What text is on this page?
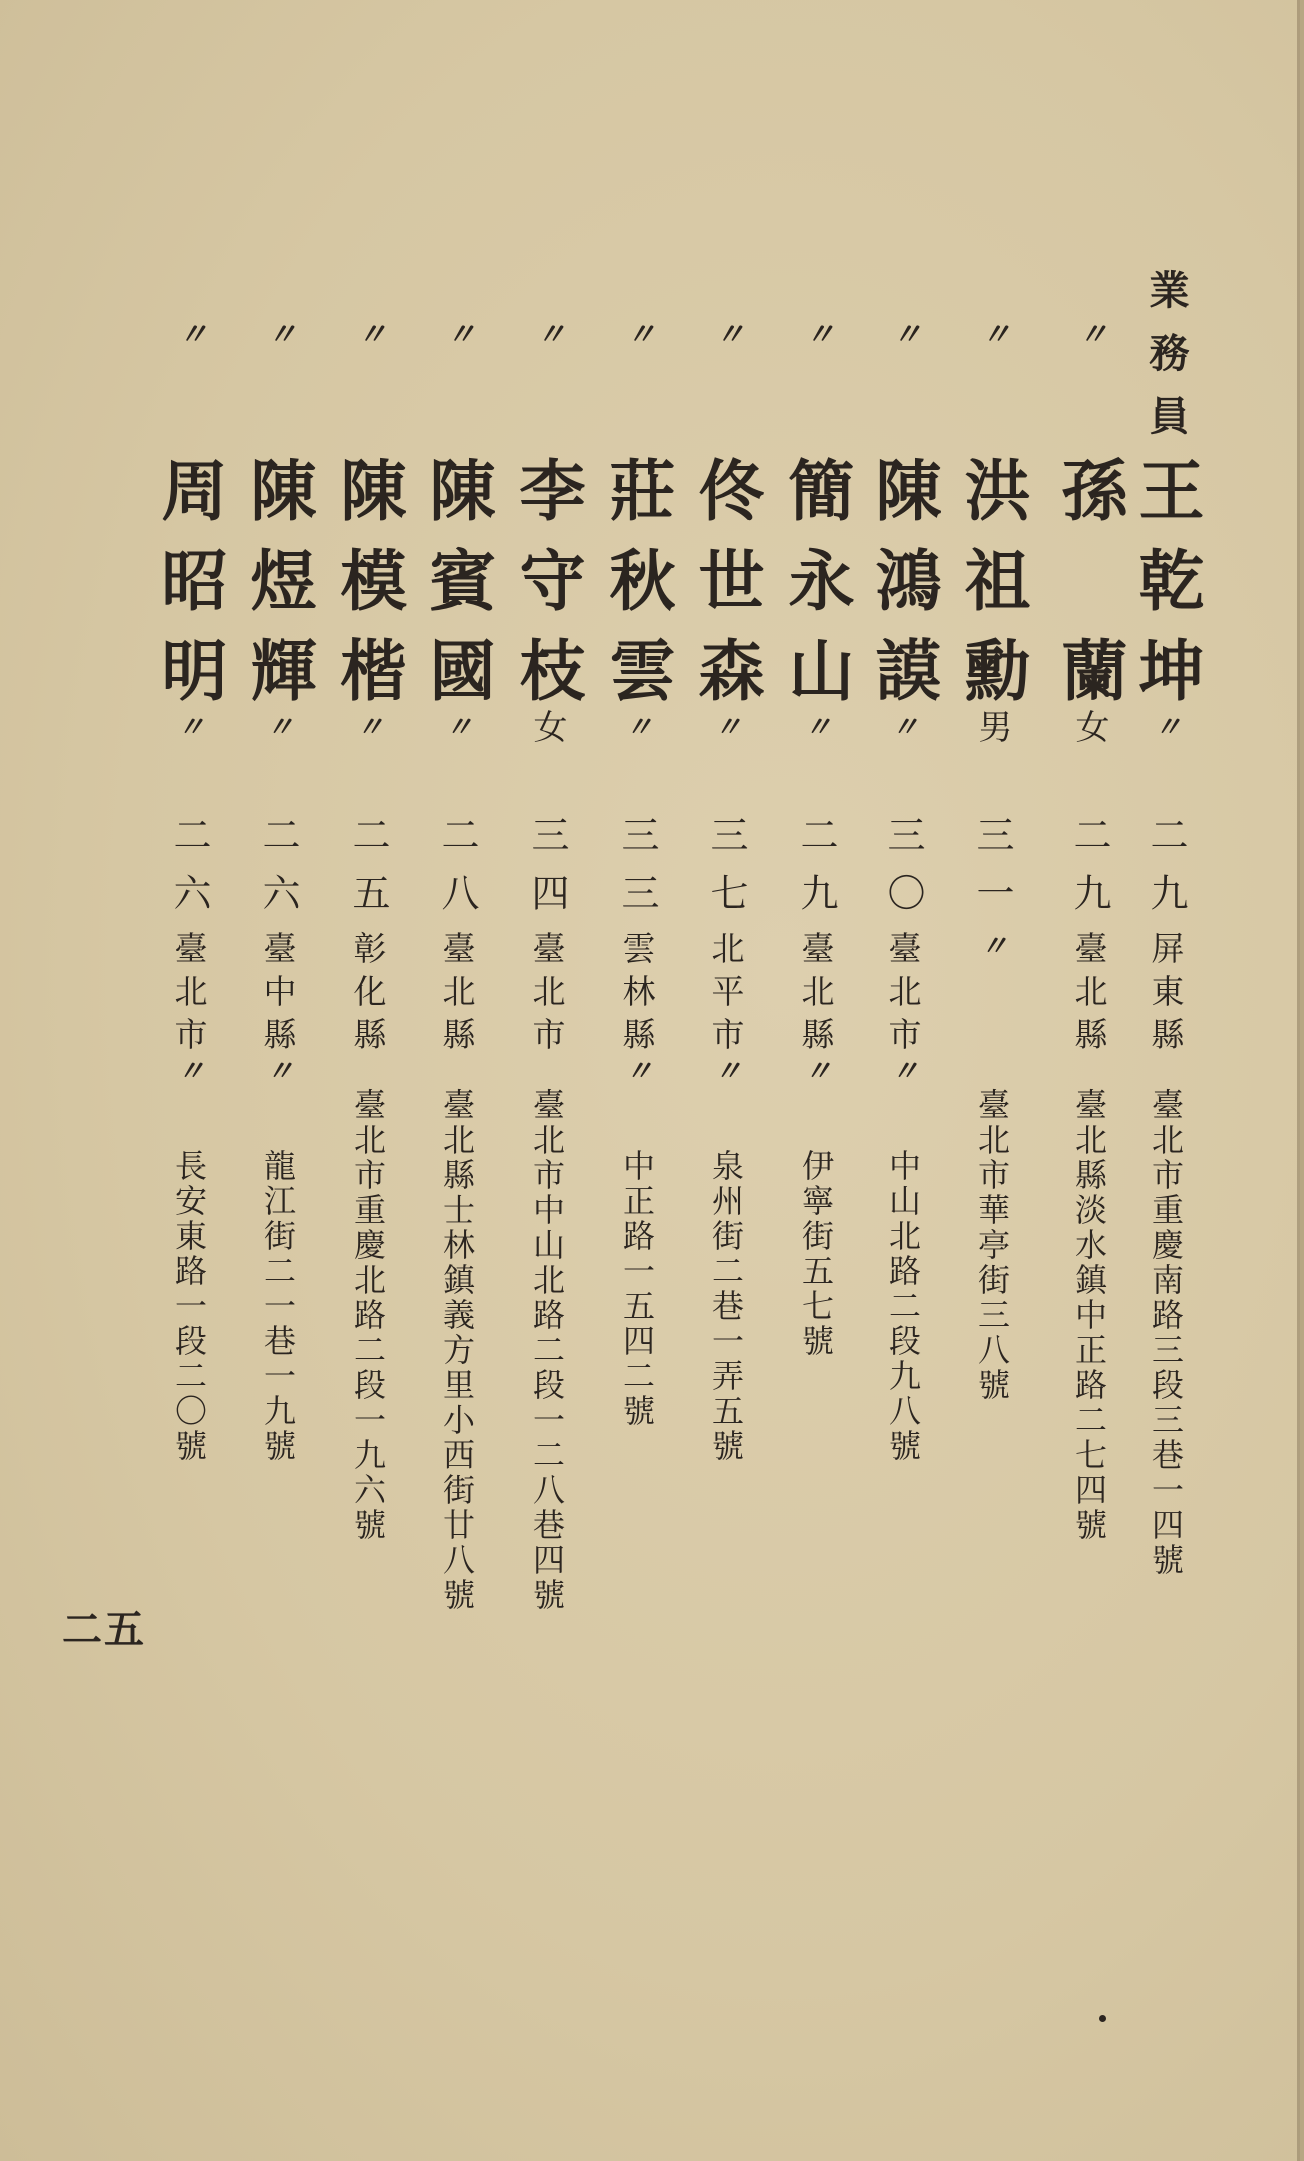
業務員
王乾坤
〃
二九
屏東縣
臺北市重慶南路三段三巷一四號
〃
孫蘭
女
二九
臺北縣
臺北縣淡水鎮中正路二七四號
〃
洪祖勳
男
三一
〃
臺北市華亭街三八號
〃
陳鴻謨
〃
三〇
臺北市
〃
中山北路二段九八號
〃
簡永山
〃
二九
臺北縣
〃
伊寧街五七號
〃
佟世森
〃
三七
北平市
〃
泉州街二巷一弄五號
〃
莊秋雲
〃
三三
雲林縣
〃
中正路一五四二號
〃
李守枝
女
三四
臺北市
臺北市中山北路二段一二八巷四號
〃
陳賓國
〃
二八
臺北縣
臺北縣士林鎮義方里小西街廿八號
〃
陳模楷
〃
二五
彰化縣
臺北市重慶北路二段一九六號
〃
陳煜輝
〃
二六
臺中縣
〃
龍江街二一巷一九號
〃
周昭明
〃
二六
臺北市
〃
長安東路一段二〇號
二五
